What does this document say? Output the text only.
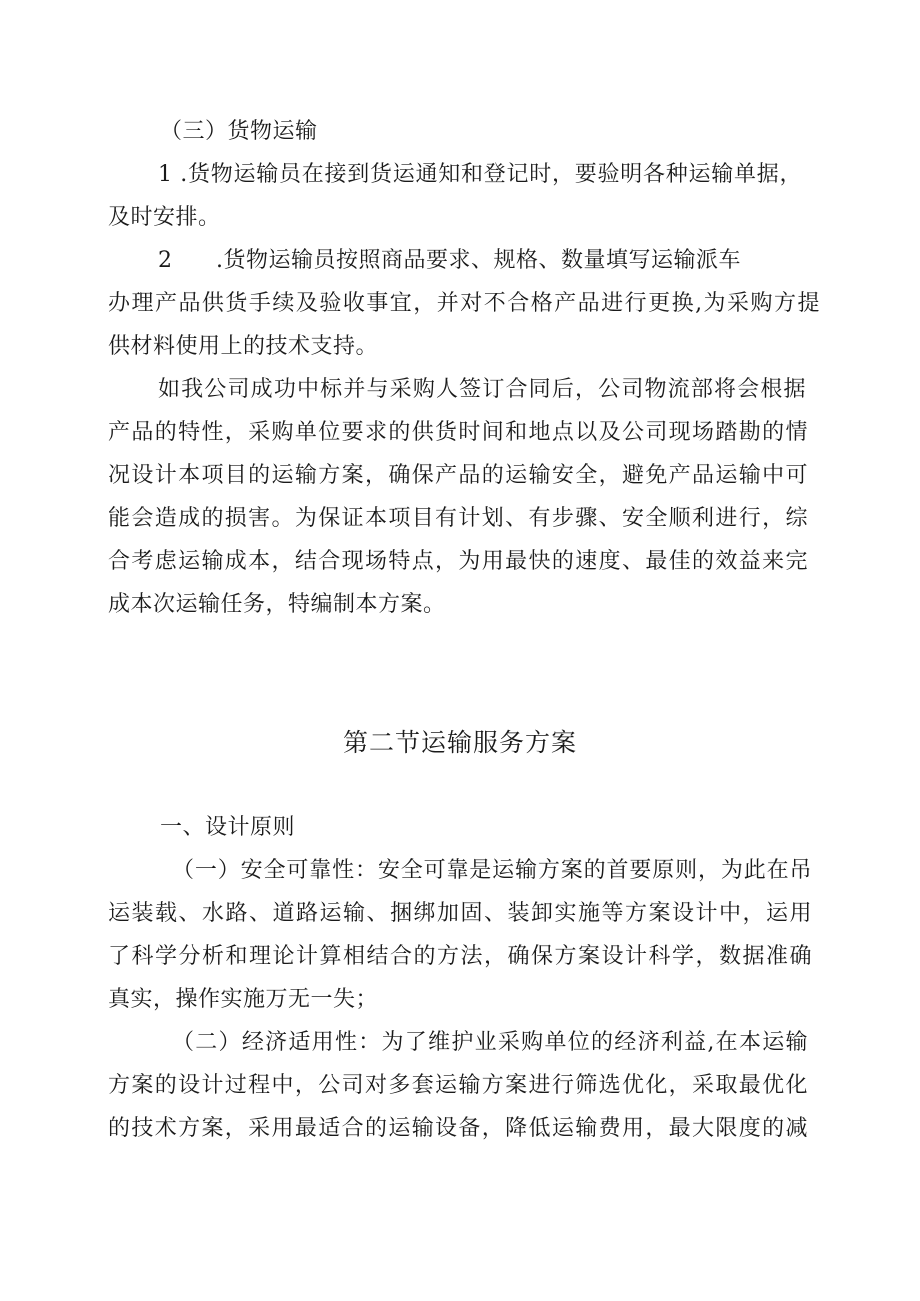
（三）货物运输
1 .货物运输员在接到货运通知和登记时，要验明各种运输单据，
及时安排。
2 .货物运输员按照商品要求、规格、数量填写运输派车
办理产品供货手续及验收事宜，并对不合格产品进行更换,为采购方提
供材料使用上的技术支持。
如我公司成功中标并与采购人签订合同后，公司物流部将会根据
产品的特性，采购单位要求的供货时间和地点以及公司现场踏勘的情
况设计本项目的运输方案，确保产品的运输安全，避免产品运输中可
能会造成的损害。为保证本项目有计划、有步骤、安全顺利进行，综
合考虑运输成本，结合现场特点，为用最快的速度、最佳的效益来完
成本次运输任务，特编制本方案。
第二节运输服务方案
一、设计原则
（一）安全可靠性：安全可靠是运输方案的首要原则，为此在吊
运装载、水路、道路运输、捆绑加固、装卸实施等方案设计中，运用
了科学分析和理论计算相结合的方法，确保方案设计科学，数据准确
真实，操作实施万无一失；
（二）经济适用性：为了维护业采购单位的经济利益,在本运输
方案的设计过程中，公司对多套运输方案进行筛选优化，采取最优化
的技术方案，采用最适合的运输设备，降低运输费用，最大限度的减
